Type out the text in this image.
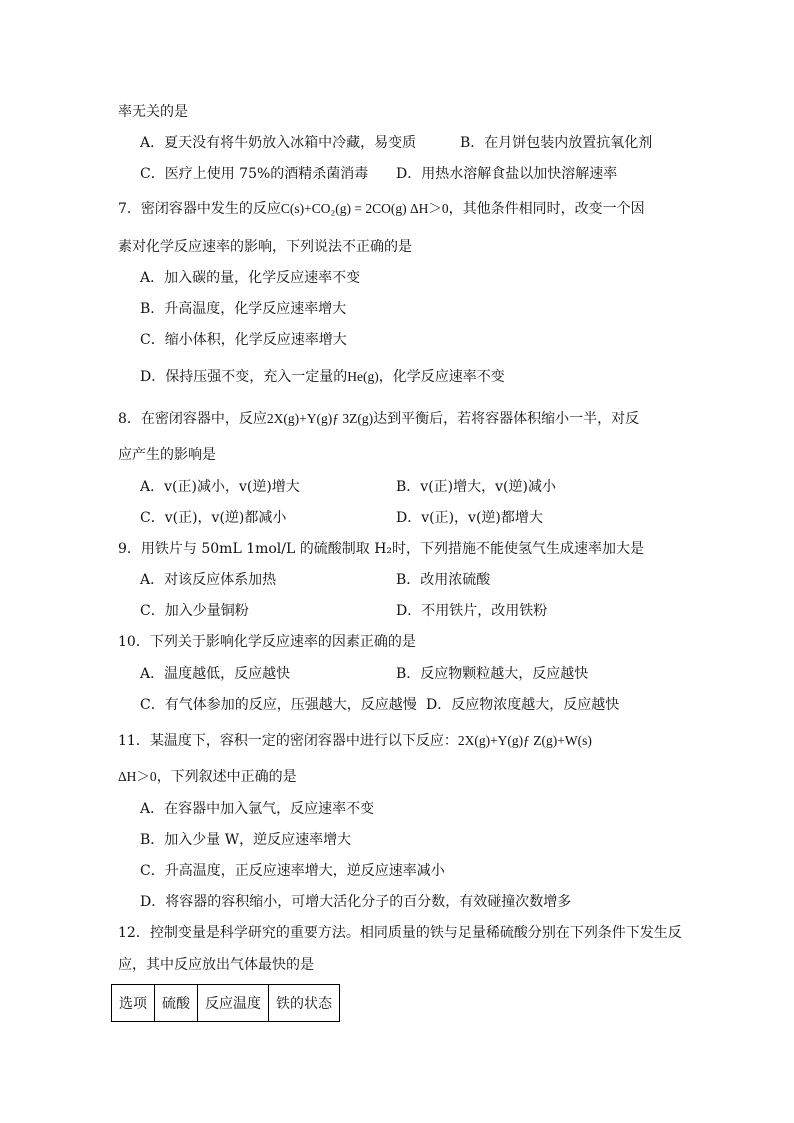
率无关的是
A．夏天没有将牛奶放入冰箱中冷藏，易变质	B．在月饼包装内放置抗氧化剂
C．医疗上使用 75%的酒精杀菌消毒 D．用热水溶解食盐以加快溶解速率
7．密闭容器中发生的反应C(s)+CO₂(g) = 2CO(g) ΔH＞0，其他条件相同时，改变一个因
素对化学反应速率的影响，下列说法不正确的是
A．加入碳的量，化学反应速率不变
B．升高温度，化学反应速率增大
C．缩小体积，化学反应速率增大
D．保持压强不变，充入一定量的He(g)，化学反应速率不变
8．在密闭容器中，反应2X(g)+Y(g)ƒ 3Z(g)达到平衡后，若将容器体积缩小一半，对反
应产生的影响是
A．v(正)减小，v(逆)增大	B．v(正)增大，v(逆)减小
C．v(正)，v(逆)都减小	D．v(正)，v(逆)都增大
9．用铁片与 50mL 1mol/L 的硫酸制取 H₂时，下列措施不能使氢气生成速率加大是
A．对该反应体系加热	B．改用浓硫酸
C．加入少量铜粉	D．不用铁片，改用铁粉
10．下列关于影响化学反应速率的因素正确的是
A．温度越低，反应越快	B．反应物颗粒越大，反应越快
C．有气体参加的反应，压强越大，反应越慢 D．反应物浓度越大，反应越快
11．某温度下，容积一定的密闭容器中进行以下反应：2X(g)+Y(g)ƒ Z(g)+W(s)
ΔH＞0，下列叙述中正确的是
A．在容器中加入氩气，反应速率不变
B．加入少量 W，逆反应速率增大
C．升高温度，正反应速率增大，逆反应速率减小
D．将容器的容积缩小，可增大活化分子的百分数，有效碰撞次数增多
12．控制变量是科学研究的重要方法。相同质量的铁与足量稀硫酸分别在下列条件下发生反
应，其中反应放出气体最快的是
选项	硫酸	反应温度	铁的状态
